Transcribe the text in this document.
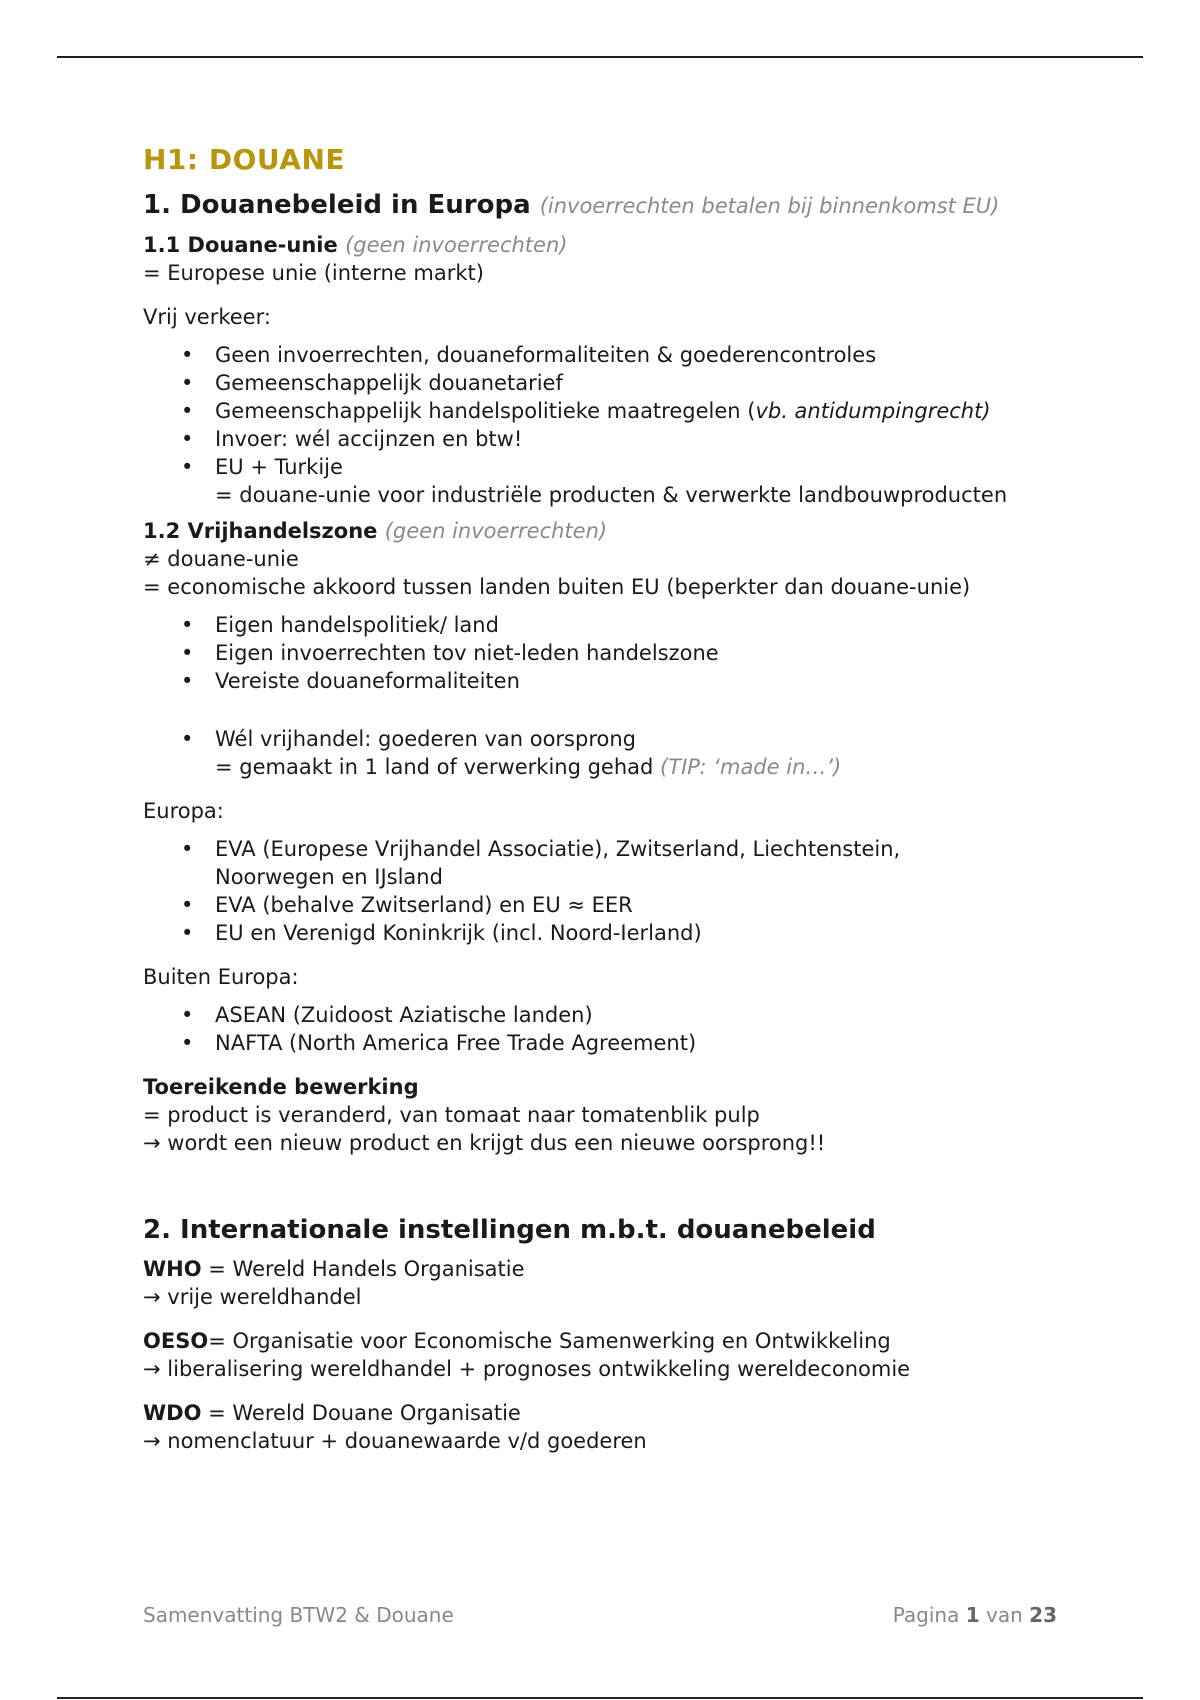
H1: DOUANE
1. Douanebeleid in Europa (invoerrechten betalen bij binnenkomst EU)

1.1 Douane-unie (geen invoerrechten)

= Europese unie (interne markt)

Vrij verkeer:

• Geen invoerrechten, douaneformaliteiten & goederencontroles
• Gemeenschappelijk douanetarief
• Gemeenschappelijk handelspolitieke maatregelen (vb. antidumpingrecht)
• Invoer: wél accijnzen en btw!
• EU + Turkije

= douane-unie voor industriële producten & verwerkte landbouwproducten

1.2 Vrijhandelszone (geen invoerrechten)

≠ douane-unie

= economische akkoord tussen landen buiten EU (beperkter dan douane-unie)

• Eigen handelspolitiek/ land
• Eigen invoerrechten tov niet-leden handelszone
• Vereiste douaneformaliteiten
• Wél vrijhandel: goederen van oorsprong

= gemaakt in 1 land of verwerking gehad (TIP: ‘made in…’)

Europa:

• EVA (Europese Vrijhandel Associatie), Zwitserland, Liechtenstein,
Noorwegen en IJsland
• EVA (behalve Zwitserland) en EU ≈ EER
• EU en Verenigd Koninkrijk (incl. Noord-Ierland)

Buiten Europa:

• ASEAN (Zuidoost Aziatische landen)
• NAFTA (North America Free Trade Agreement)

Toereikende bewerking

= product is veranderd, van tomaat naar tomatenblik pulp

→ wordt een nieuw product en krijgt dus een nieuwe oorsprong!!

2. Internationale instellingen m.b.t. douanebeleid

WHO = Wereld Handels Organisatie

→ vrije wereldhandel

OESO= Organisatie voor Economische Samenwerking en Ontwikkeling

→ liberalisering wereldhandel + prognoses ontwikkeling wereldeconomie

WDO = Wereld Douane Organisatie

→ nomenclatuur + douanewaarde v/d goederen

Samenvatting BTW2 & Douane	Pagina 1 van 23
